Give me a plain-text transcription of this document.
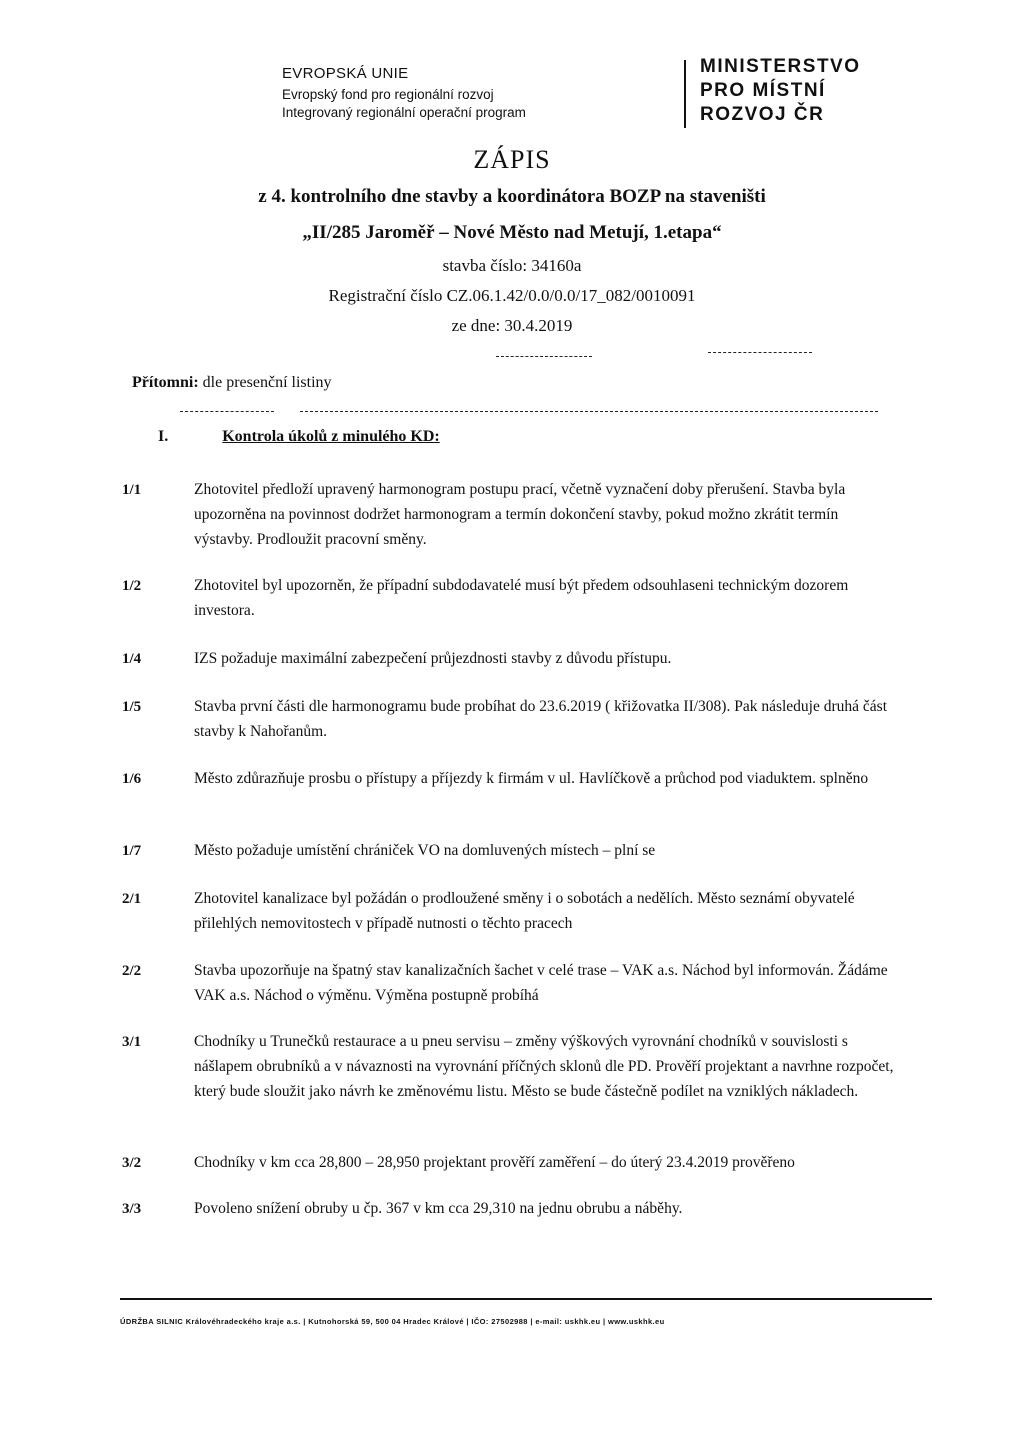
EVROPSKÁ UNIE
Evropský fond pro regionální rozvoj
Integrovaný regionální operační program
MINISTERSTVO
PRO MÍSTNÍ
ROZVOJ ČR
ZÁPIS
z 4. kontrolního dne stavby a koordinátora BOZP na staveništi
„II/285 Jaroměř – Nové Město nad Metují, 1.etapa“
stavba číslo: 34160a
Registrační číslo CZ.06.1.42/0.0/0.0/17_082/0010091
ze dne: 30.4.2019
Přítomni: dle presenční listiny
I.	Kontrola úkolů z minulého KD:
1/1	Zhotovitel předloží upravený harmonogram postupu prací, včetně vyznačení doby přerušení. Stavba byla upozorněna na povinnost dodržet harmonogram a termín dokončení stavby, pokud možno zkrátit termín výstavby. Prodloužit pracovní směny.
1/2	Zhotovitel byl upozorněn, že případní subdodavatelé musí být předem odsouhlaseni technickým dozorem investora.
1/4	IZS požaduje maximální zabezpečení průjezdnosti stavby z důvodu přístupu.
1/5	Stavba první části dle harmonogramu bude probíhat do 23.6.2019 ( křižovatka II/308). Pak následuje druhá část stavby k Nahořanům.
1/6	Město zdůrazňuje prosbu o přístupy a příjezdy k firmám v ul. Havlíčkově a průchod pod viaduktem. splněno
1/7	Město požaduje umístění chrániček VO na domluvených místech – plní se
2/1	Zhotovitel kanalizace byl požádán o prodloužené směny i o sobotách a nedělích. Město seznámí obyvatelé přilehlých nemovitostech v případě nutnosti o těchto pracech
2/2	Stavba upozorňuje na špatný stav kanalizačních šachet v celé trase – VAK a.s. Náchod byl informován. Žádáme VAK a.s. Náchod o výměnu. Výměna postupně probíhá
3/1	Chodníky u Trunečků restaurace a u pneu servisu – změny výškových vyrovnání chodníků v souvislosti s nášlapem obrubníků a v návaznosti na vyrovnání příčných sklonů dle PD. Prověří projektant a navrhne rozpočet, který bude sloužit jako návrh ke změnovému listu. Město se bude částečně podílet na vzniklých nákladech.
3/2	Chodníky v km cca 28,800 – 28,950 projektant prověří zaměření – do úterý 23.4.2019 prověřeno
3/3	Povoleno snížení obruby u čp. 367 v km cca 29,310 na jednu obrubu a náběhy.
ÚDRŽBA SILNIC Královéhradeckého kraje a.s. | Kutnohorská 59, 500 04 Hradec Králové | IČO: 27502988 | e-mail: uskhk.eu | www.uskhk.eu
